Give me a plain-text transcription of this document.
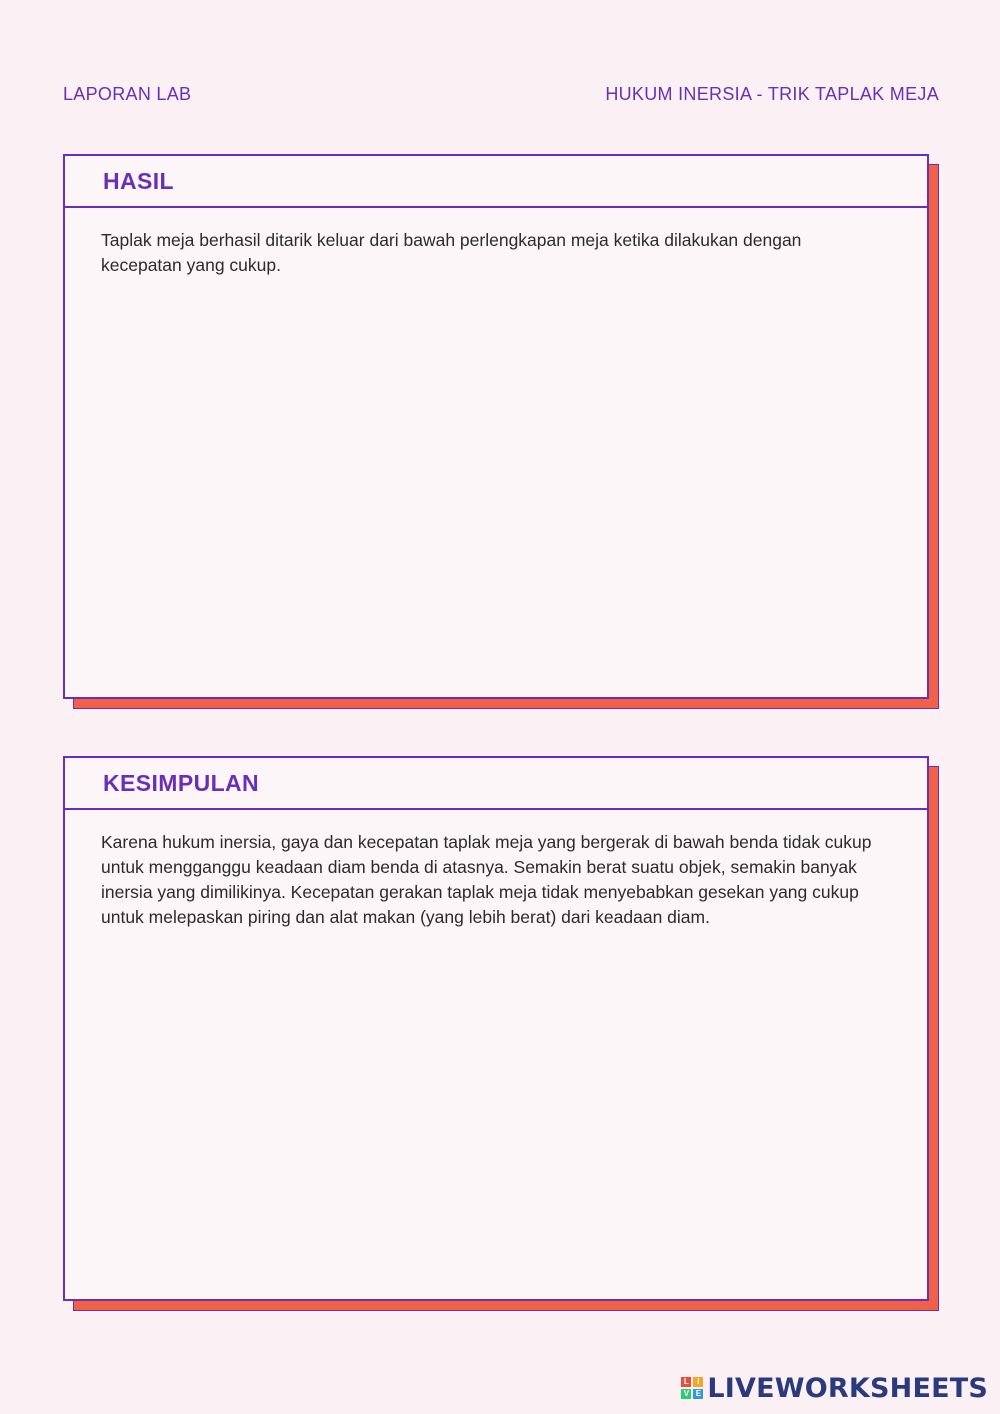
LAPORAN LAB	HUKUM INERSIA - TRIK TAPLAK MEJA
HASIL

Taplak meja berhasil ditarik keluar dari bawah perlengkapan meja ketika dilakukan dengan kecepatan yang cukup.

KESIMPULAN

Karena hukum inersia, gaya dan kecepatan taplak meja yang bergerak di bawah benda tidak cukup untuk mengganggu keadaan diam benda di atasnya. Semakin berat suatu objek, semakin banyak inersia yang dimilikinya. Kecepatan gerakan taplak meja tidak menyebabkan gesekan yang cukup untuk melepaskan piring dan alat makan (yang lebih berat) dari keadaan diam.

L	I
V E LIVEWORKSHEETS
